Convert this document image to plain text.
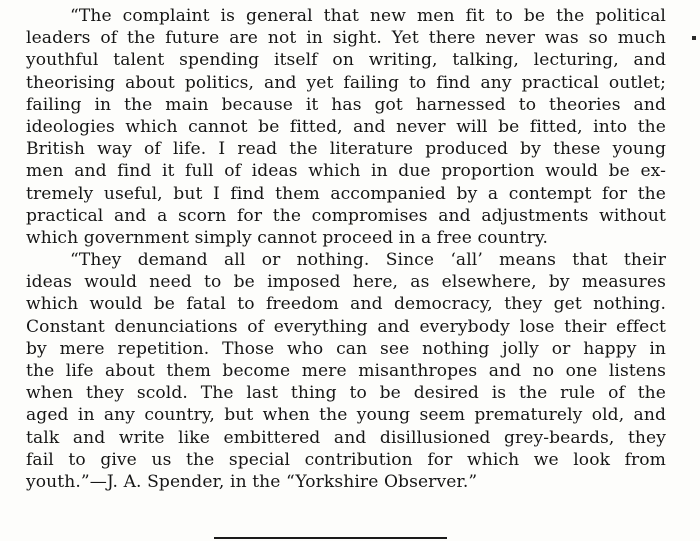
“The complaint is general that new men fit to be the political
leaders of the future are not in sight. Yet there never was so much
youthful talent spending itself on writing, talking, lecturing, and
theorising about politics, and yet failing to find any practical outlet;
failing in the main because it has got harnessed to theories and
ideologies which cannot be fitted, and never will be fitted, into the
British way of life. I read the literature produced by these young
men and find it full of ideas which in due proportion would be ex-
tremely useful, but I find them accompanied by a contempt for the
practical and a scorn for the compromises and adjustments without
which government simply cannot proceed in a free country.
“They demand all or nothing. Since ‘all’ means that their
ideas would need to be imposed here, as elsewhere, by measures
which would be fatal to freedom and democracy, they get nothing.
Constant denunciations of everything and everybody lose their effect
by mere repetition. Those who can see nothing jolly or happy in
the life about them become mere misanthropes and no one listens
when they scold. The last thing to be desired is the rule of the
aged in any country, but when the young seem prematurely old, and
talk and write like embittered and disillusioned grey-beards, they
fail to give us the special contribution for which we look from
youth.”—J. A. Spender, in the “Yorkshire Observer.”
